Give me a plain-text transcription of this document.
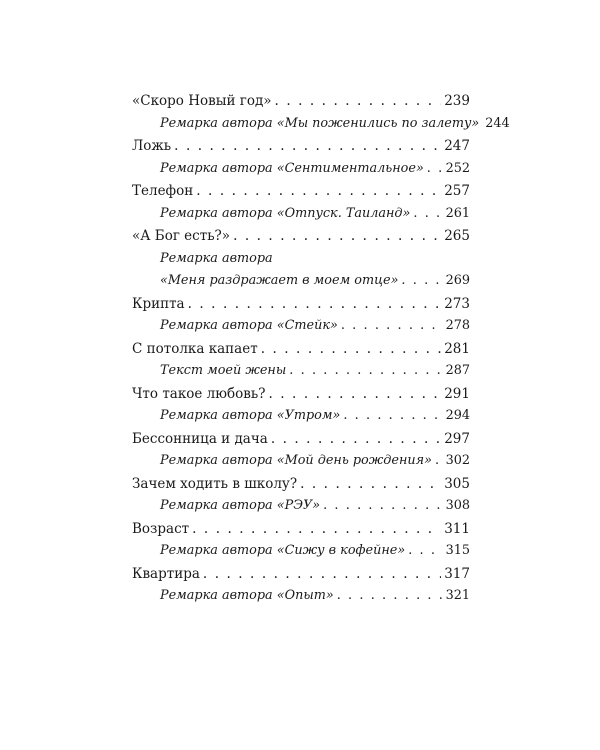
«Скоро Новый год» . . .	239
Ремарка автора «Мы поженились по залету» 244
Ложь . . .	247
Ремарка автора «Сентиментальное» . . . 252
Телефон . . .	257
Ремарка автора «Отпуск. Таиланд» . . .	261
«А Бог есть?» . . .	265
Ремарка автора
«Меня раздражает в моем отце» . . .	269
Крипта . . .	273
Ремарка автора «Стейк» . . .	278
С потолка капает . . .	281
Текст моей жены . . .	287
Что такое любовь? . . .	291
Ремарка автора «Утром» . . .	294
Бессонница и дача . . .	297
Ремарка автора «Мой день рождения» . . . 302
Зачем ходить в школу? . . .	305
Ремарка автора «РЭУ» . . .	308
Возраст . . .	311
Ремарка автора «Сижу в кофейне» . . .	315
Квартира . . .	317
Ремарка автора «Опыт» . . .	321
